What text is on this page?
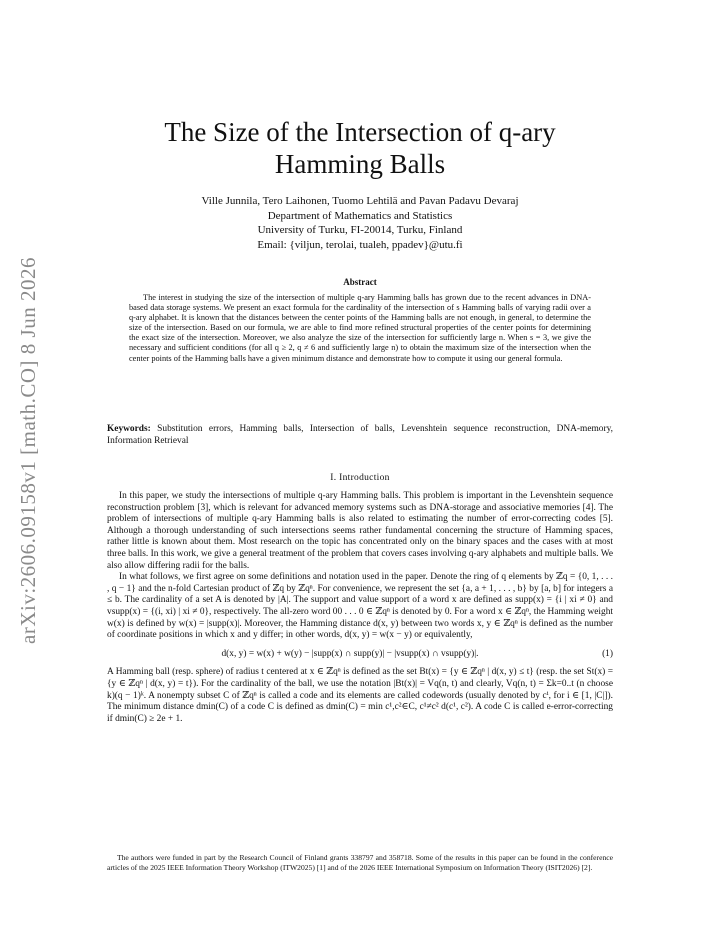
arXiv:2606.09158v1 [math.CO] 8 Jun 2026
The Size of the Intersection of q-ary Hamming Balls
Ville Junnila, Tero Laihonen, Tuomo Lehtilä and Pavan Padavu Devaraj
Department of Mathematics and Statistics
University of Turku, FI-20014, Turku, Finland
Email: {viljun, terolai, tualeh, ppadev}@utu.fi
Abstract
The interest in studying the size of the intersection of multiple q-ary Hamming balls has grown due to the recent advances in DNA-based data storage systems. We present an exact formula for the cardinality of the intersection of s Hamming balls of varying radii over a q-ary alphabet. It is known that the distances between the center points of the Hamming balls are not enough, in general, to determine the size of the intersection. Based on our formula, we are able to find more refined structural properties of the center points for determining the exact size of the intersection. Moreover, we also analyze the size of the intersection for sufficiently large n. When s = 3, we give the necessary and sufficient conditions (for all q ≥ 2, q ≠ 6 and sufficiently large n) to obtain the maximum size of the intersection when the center points of the Hamming balls have a given minimum distance and demonstrate how to compute it using our general formula.
Keywords: Substitution errors, Hamming balls, Intersection of balls, Levenshtein sequence reconstruction, DNA-memory, Information Retrieval
I. Introduction

In this paper, we study the intersections of multiple q-ary Hamming balls. This problem is important in the Levenshtein sequence reconstruction problem [3], which is relevant for advanced memory systems such as DNA-storage and associative memories [4]. The problem of intersections of multiple q-ary Hamming balls is also related to estimating the number of error-correcting codes [5]. Although a thorough understanding of such intersections seems rather fundamental concerning the structure of Hamming spaces, rather little is known about them. Most research on the topic has concentrated only on the binary spaces and the cases with at most three balls. In this work, we give a general treatment of the problem that covers cases involving q-ary alphabets and multiple balls. We also allow differing radii for the balls.

In what follows, we first agree on some definitions and notation used in the paper. Denote the ring of q elements by ℤq = {0, 1, . . . , q − 1} and the n-fold Cartesian product of ℤq by ℤqⁿ. For convenience, we represent the set {a, a + 1, . . . , b} by [a, b] for integers a ≤ b. The cardinality of a set A is denoted by |A|. The support and value support of a word x are defined as supp(x) = {i | xi ≠ 0} and vsupp(x) = {(i, xi) | xi ≠ 0}, respectively. The all-zero word 00 . . . 0 ∈ ℤqⁿ is denoted by 0. For a word x ∈ ℤqⁿ, the Hamming weight w(x) is defined by w(x) = |supp(x)|. Moreover, the Hamming distance d(x, y) between two words x, y ∈ ℤqⁿ is defined as the number of coordinate positions in which x and y differ; in other words, d(x, y) = w(x − y) or equivalently,

d(x, y) = w(x) + w(y) − |supp(x) ∩ supp(y)| − |vsupp(x) ∩ vsupp(y)|.	(1)

A Hamming ball (resp. sphere) of radius t centered at x ∈ ℤqⁿ is defined as the set Bt(x) = {y ∈ ℤqⁿ | d(x, y) ≤ t} (resp. the set St(x) = {y ∈ ℤqⁿ | d(x, y) = t}). For the cardinality of the ball, we use the notation |Bt(x)| = Vq(n, t) and clearly, Vq(n, t) = Σk=0..t (n choose k)(q − 1)ᵏ. A nonempty subset C of ℤqⁿ is called a code and its elements are called codewords (usually denoted by cⁱ, for i ∈ [1, |C|]). The minimum distance dmin(C) of a code C is defined as dmin(C) = min c¹,c²∈C, c¹≠c² d(c¹, c²). A code C is called e-error-correcting if dmin(C) ≥ 2e + 1.

The authors were funded in part by the Research Council of Finland grants 338797 and 358718. Some of the results in this paper can be found in the conference articles of the 2025 IEEE Information Theory Workshop (ITW2025) [1] and of the 2026 IEEE International Symposium on Information Theory (ISIT2026) [2].
